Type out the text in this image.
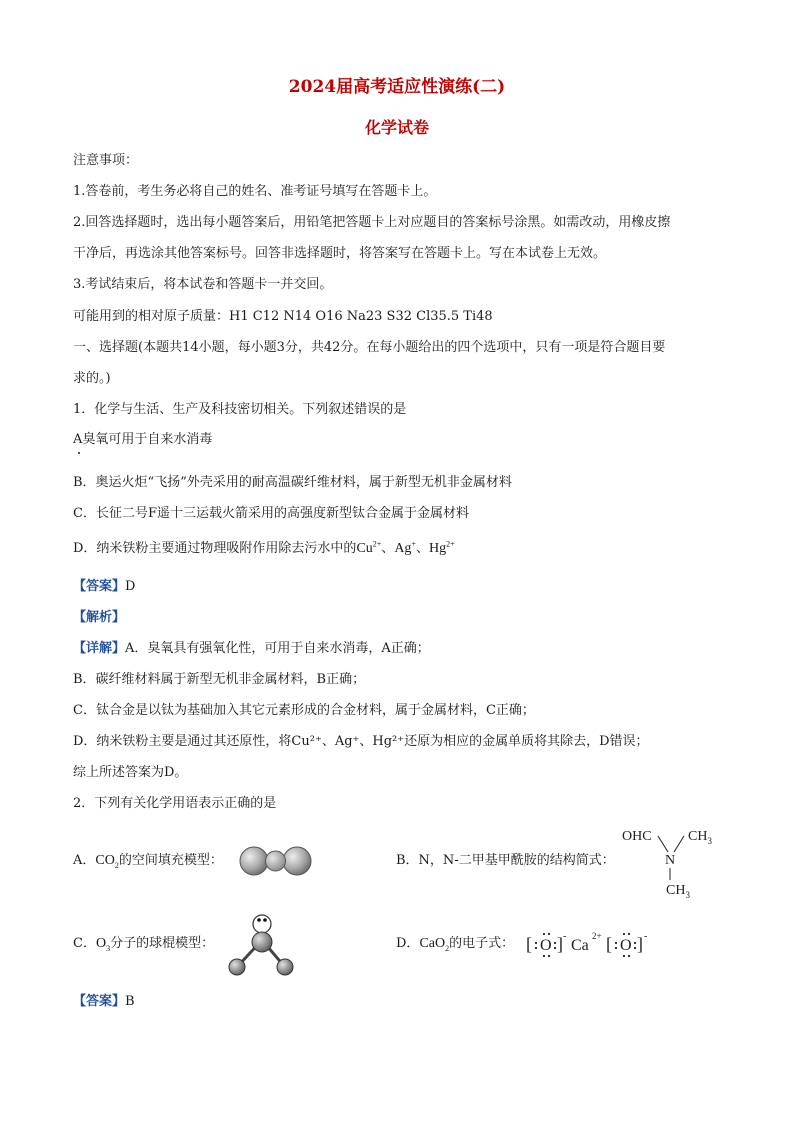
2024届高考适应性演练(二)
化学试卷
注意事项：
1.答卷前，考生务必将自己的姓名、准考证号填写在答题卡上。
2.回答选择题时，选出每小题答案后，用铅笔把答题卡上对应题目的答案标号涂黑。如需改动，用橡皮擦
干净后，再选涂其他答案标号。回答非选择题时，将答案写在答题卡上。写在本试卷上无效。
3.考试结束后，将本试卷和答题卡一并交回。
可能用到的相对原子质量：H1 C12 N14 O16 Na23 S32 Cl35.5 Ti48
一、选择题(本题共14小题，每小题3分，共42分。在每小题给出的四个选项中，只有一项是符合题目要
求的。)
1．化学与生活、生产及科技密切相关。下列叙述错误的是
A臭氧可用于自来水消毒
B．奥运火炬“飞扬”外壳采用的耐高温碳纤维材料，属于新型无机非金属材料
C．长征二号F遥十三运载火箭采用的高强度新型钛合金属于金属材料
D．纳米铁粉主要通过物理吸附作用除去污水中的$Cu^{2+}$、Ag+、$Hg^{2+}$
【答案】D
【解析】
【详解】A．臭氧具有强氧化性，可用于自来水消毒，A正确；
B．碳纤维材料属于新型无机非金属材料，B正确；
C．钛合金是以钛为基础加入其它元素形成的合金材料，属于金属材料，C正确；
D．纳米铁粉主要是通过其还原性，将Cu²⁺、Ag⁺、Hg²⁺还原为相应的金属单质将其除去，D错误；
综上所述答案为D。
2．下列有关化学用语表示正确的是
A．$CO_2$的空间填充模型：	B．N，N-二甲基甲酰胺的结构简式：
OHC	$CH_3$
N
$CH_3$
C．$O_3$分子的球棍模型：	D．CaO$_2$的电子式： [ O ] -
Ca
2+ [ O ] -
【答案】B
